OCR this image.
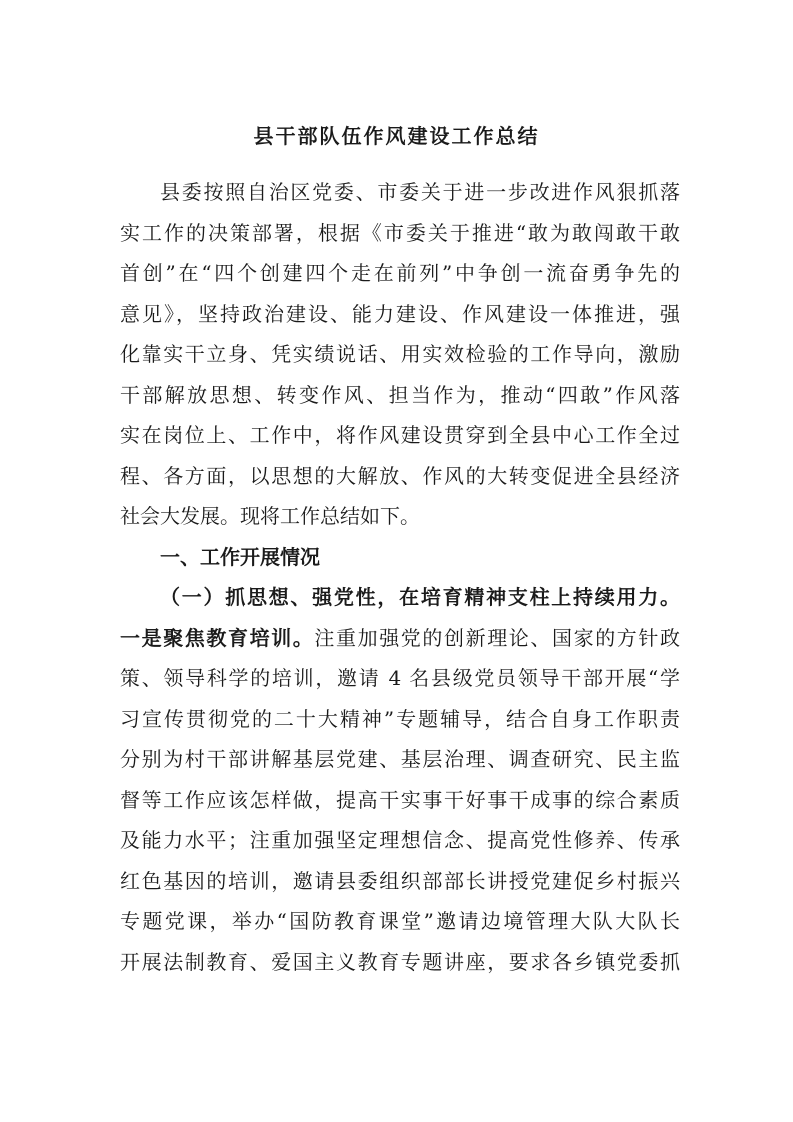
县干部队伍作风建设工作总结
县委按照自治区党委、市委关于进一步改进作风狠抓落
实工作的决策部署，根据《市委关于推进“敢为敢闯敢干敢
首创”在“四个创建四个走在前列”中争创一流奋勇争先的
意见》，坚持政治建设、能力建设、作风建设一体推进，强
化靠实干立身、凭实绩说话、用实效检验的工作导向，激励
干部解放思想、转变作风、担当作为，推动“四敢”作风落
实在岗位上、工作中，将作风建设贯穿到全县中心工作全过
程、各方面，以思想的大解放、作风的大转变促进全县经济
社会大发展。现将工作总结如下。
一、工作开展情况
（一）抓思想、强党性，在培育精神支柱上持续用力。
一是聚焦教育培训。注重加强党的创新理论、国家的方针政
策、领导科学的培训，邀请 4 名县级党员领导干部开展“学
习宣传贯彻党的二十大精神”专题辅导，结合自身工作职责
分别为村干部讲解基层党建、基层治理、调查研究、民主监
督等工作应该怎样做，提高干实事干好事干成事的综合素质
及能力水平；注重加强坚定理想信念、提高党性修养、传承
红色基因的培训，邀请县委组织部部长讲授党建促乡村振兴
专题党课，举办“国防教育课堂”邀请边境管理大队大队长
开展法制教育、爱国主义教育专题讲座，要求各乡镇党委抓
